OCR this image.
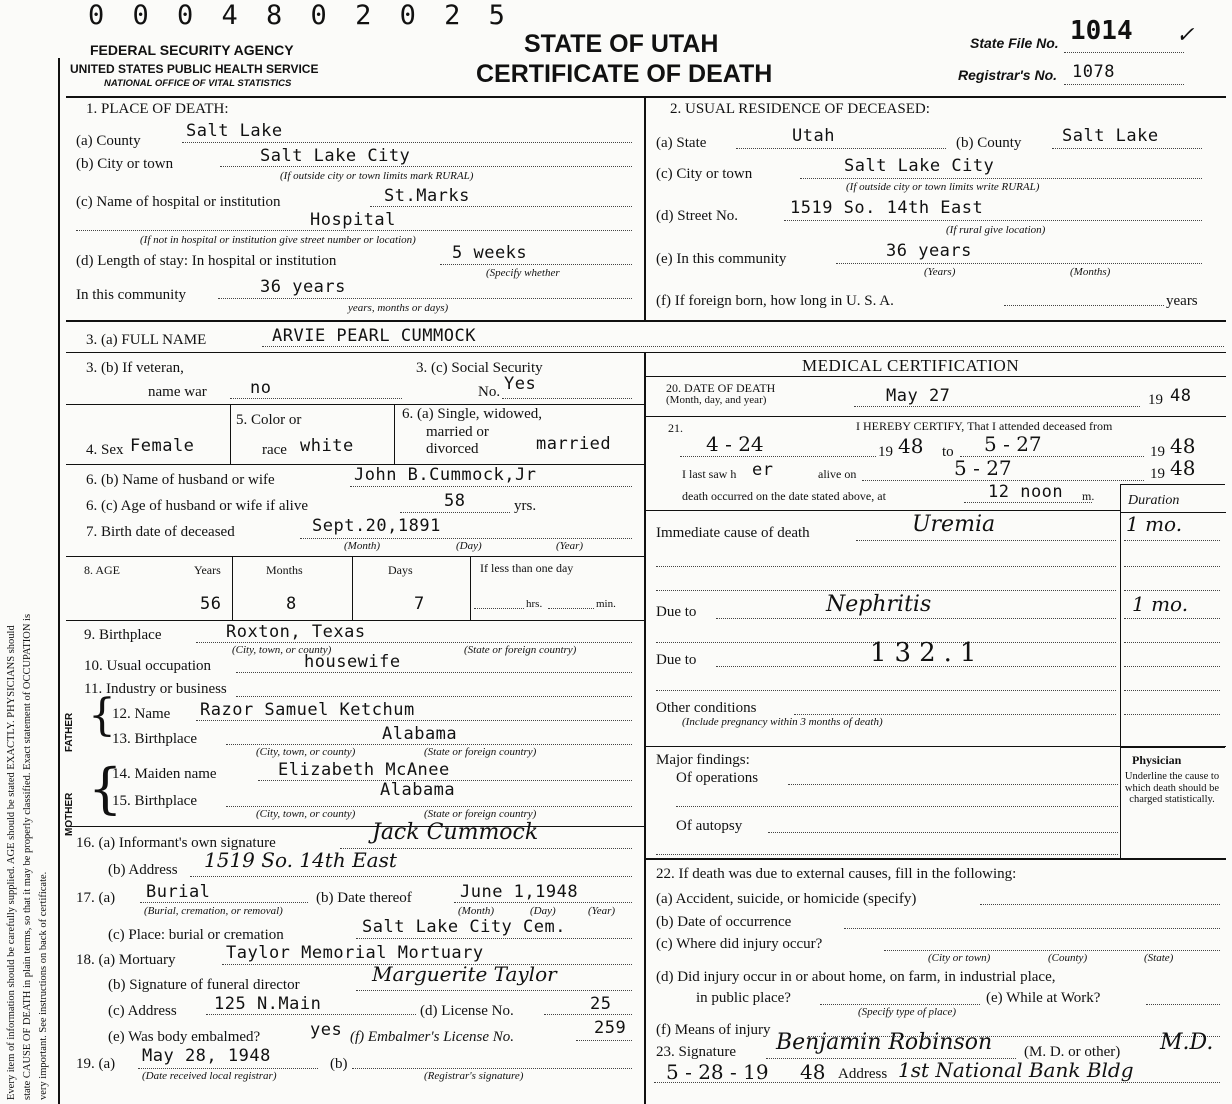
Every item of information should be carefully supplied. AGE should be stated EXACTLY. PHYSICIANS should state CAUSE OF DEATH in plain terms, so that it may be properly classified. Exact statement of OCCUPATION is very important. See instructions on back of certificate.
0 0 0 4 8 0 2 0 2 5
FEDERAL SECURITY AGENCY
UNITED STATES PUBLIC HEALTH SERVICE
NATIONAL OFFICE OF VITAL STATISTICS
STATE OF UTAH
CERTIFICATE OF DEATH
State File No. 1014 ✓
Registrar's No. 1078
1. PLACE OF DEATH:
(a) County	Salt Lake
(b) City or town	Salt Lake City
(If outside city or town limits mark RURAL)
(c) Name of hospital or institution	St.Marks
Hospital
(If not in hospital or institution give street number or location)
(d) Length of stay: In hospital or institution	5 weeks
(Specify whether
In this community	36 years
years, months or days)
2. USUAL RESIDENCE OF DECEASED:
(a) State	Utah	(b) County Salt Lake
(c) City or town	Salt Lake City
(If outside city or town limits write RURAL)
(d) Street No.	1519 So. 14th East
(If rural give location)
(e) In this community	36 years
(Years)	(Months)
(f) If foreign born, how long in U. S. A.	years
3. (a) FULL NAME	ARVIE PEARL CUMMOCK
3. (b) If veteran,
name war	no
3. (c) Social Security
No. Yes
4. Sex Female
5. Color or
race white
6. (a) Single, widowed,
married or
divorced	married
6. (b) Name of husband or wife	John B.Cummock,Jr
6. (c) Age of husband or wife if alive	58	yrs.
7. Birth date of deceased	Sept.20,1891
(Month)	(Day)	(Year)
8. AGE	Years	Months	Days	If less than one day
56	8	7	hrs.	min.
9. Birthplace	Roxton, Texas
(City, town, or county)	(State or foreign country)
10. Usual occupation	housewife
11. Industry or business
FATHER
MOTHER
{
{
12. Name Razor Samuel Ketchum
13. Birthplace	Alabama
(City, town, or county)	(State or foreign country)
14. Maiden name	Elizabeth McAnee
Alabama
15. Birthplace
(City, town, or county)	(State or foreign country)
16. (a) Informant's own signature	Jack Cummock
(b) Address 1519 So. 14th East
17. (a) Burial
(Burial, cremation, or removal)
(b) Date thereof	June 1,1948
(Month)	(Day)	(Year)
(c) Place: burial or cremation	Salt Lake City Cem.
18. (a) Mortuary	Taylor Memorial Mortuary
(b) Signature of funeral director	Marguerite Taylor
(c) Address 125 N.Main	(d) License No.	25
(e) Was body embalmed?	yes (f) Embalmer's License No.	259
19. (a) May 28, 1948
(Date received local registrar)
(b)
(Registrar's signature)
MEDICAL CERTIFICATION
20. DATE OF DEATH
(Month, day, and year)	May 27	19 48
21.	I HEREBY CERTIFY, That I attended deceased from
4 - 24	19 48 to 5 - 27	19 48
I last saw h er	alive on	5 - 27	19 48
death occurred on the date stated above, at	12 noon m. Duration
Immediate cause of death	Uremia	1 mo.
Due to	Nephritis	1 mo.
Due to	132.1
Other conditions
(Include pregnancy within 3 months of death)
Major findings:
Of operations
Of autopsy
Physician
Underline the cause to which death should be charged statistically.
22. If death was due to external causes, fill in the following:
(a) Accident, suicide, or homicide (specify)
(b) Date of occurrence
(c) Where did injury occur?
(City or town)	(County)	(State)
(d) Did injury occur in or about home, on farm, in industrial place,
in public place?
(Specify type of place)
(e) While at Work?
(f) Means of injury
23. Signature Benjamin Robinson (M. D. or other) M.D.
5 - 28 - 19 48 Address 1st National Bank Bldg
